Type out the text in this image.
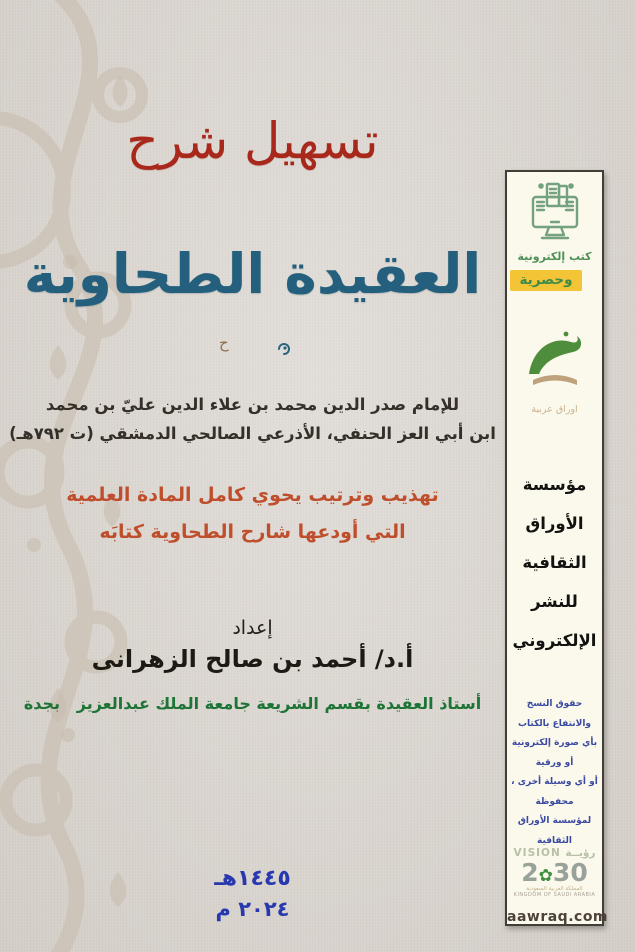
تسهيل شرح
العقيدة الطحاوية
ح
للإمام صدر الدين محمد بن علاء الدين عليّ بن محمد
ابن أبي العز الحنفي، الأذرعي الصالحي الدمشقي (ت ٧٩٢هـ)
تهذيب وترتيب يحوي كامل المادة العلمية
التي أودعها شارح الطحاوية كتابَه
إعداد
أ.د/ أحمد بن صالح الزهرانى
أستاذ العقيدة بقسم الشريعة جامعة الملك عبدالعزيز   بجدة
١٤٤٥هـ
٢٠٢٤ م
كتب إلكترونية
وحصرية
اوراق عربية
مؤسسة
الأوراق
الثقافية
للنشر
الإلكتروني
حقوق النسخ والانتفاع بالكتاب
بأي صورة إلكترونية أو ورقية
أو أي وسيلة أخرى ، محفوظة
لمؤسسة الأوراق الثقافية
VISION رؤيــة
2✿30
المملكة العربية السعودية
KINGDOM OF SAUDI ARABIA
aawraq.com
